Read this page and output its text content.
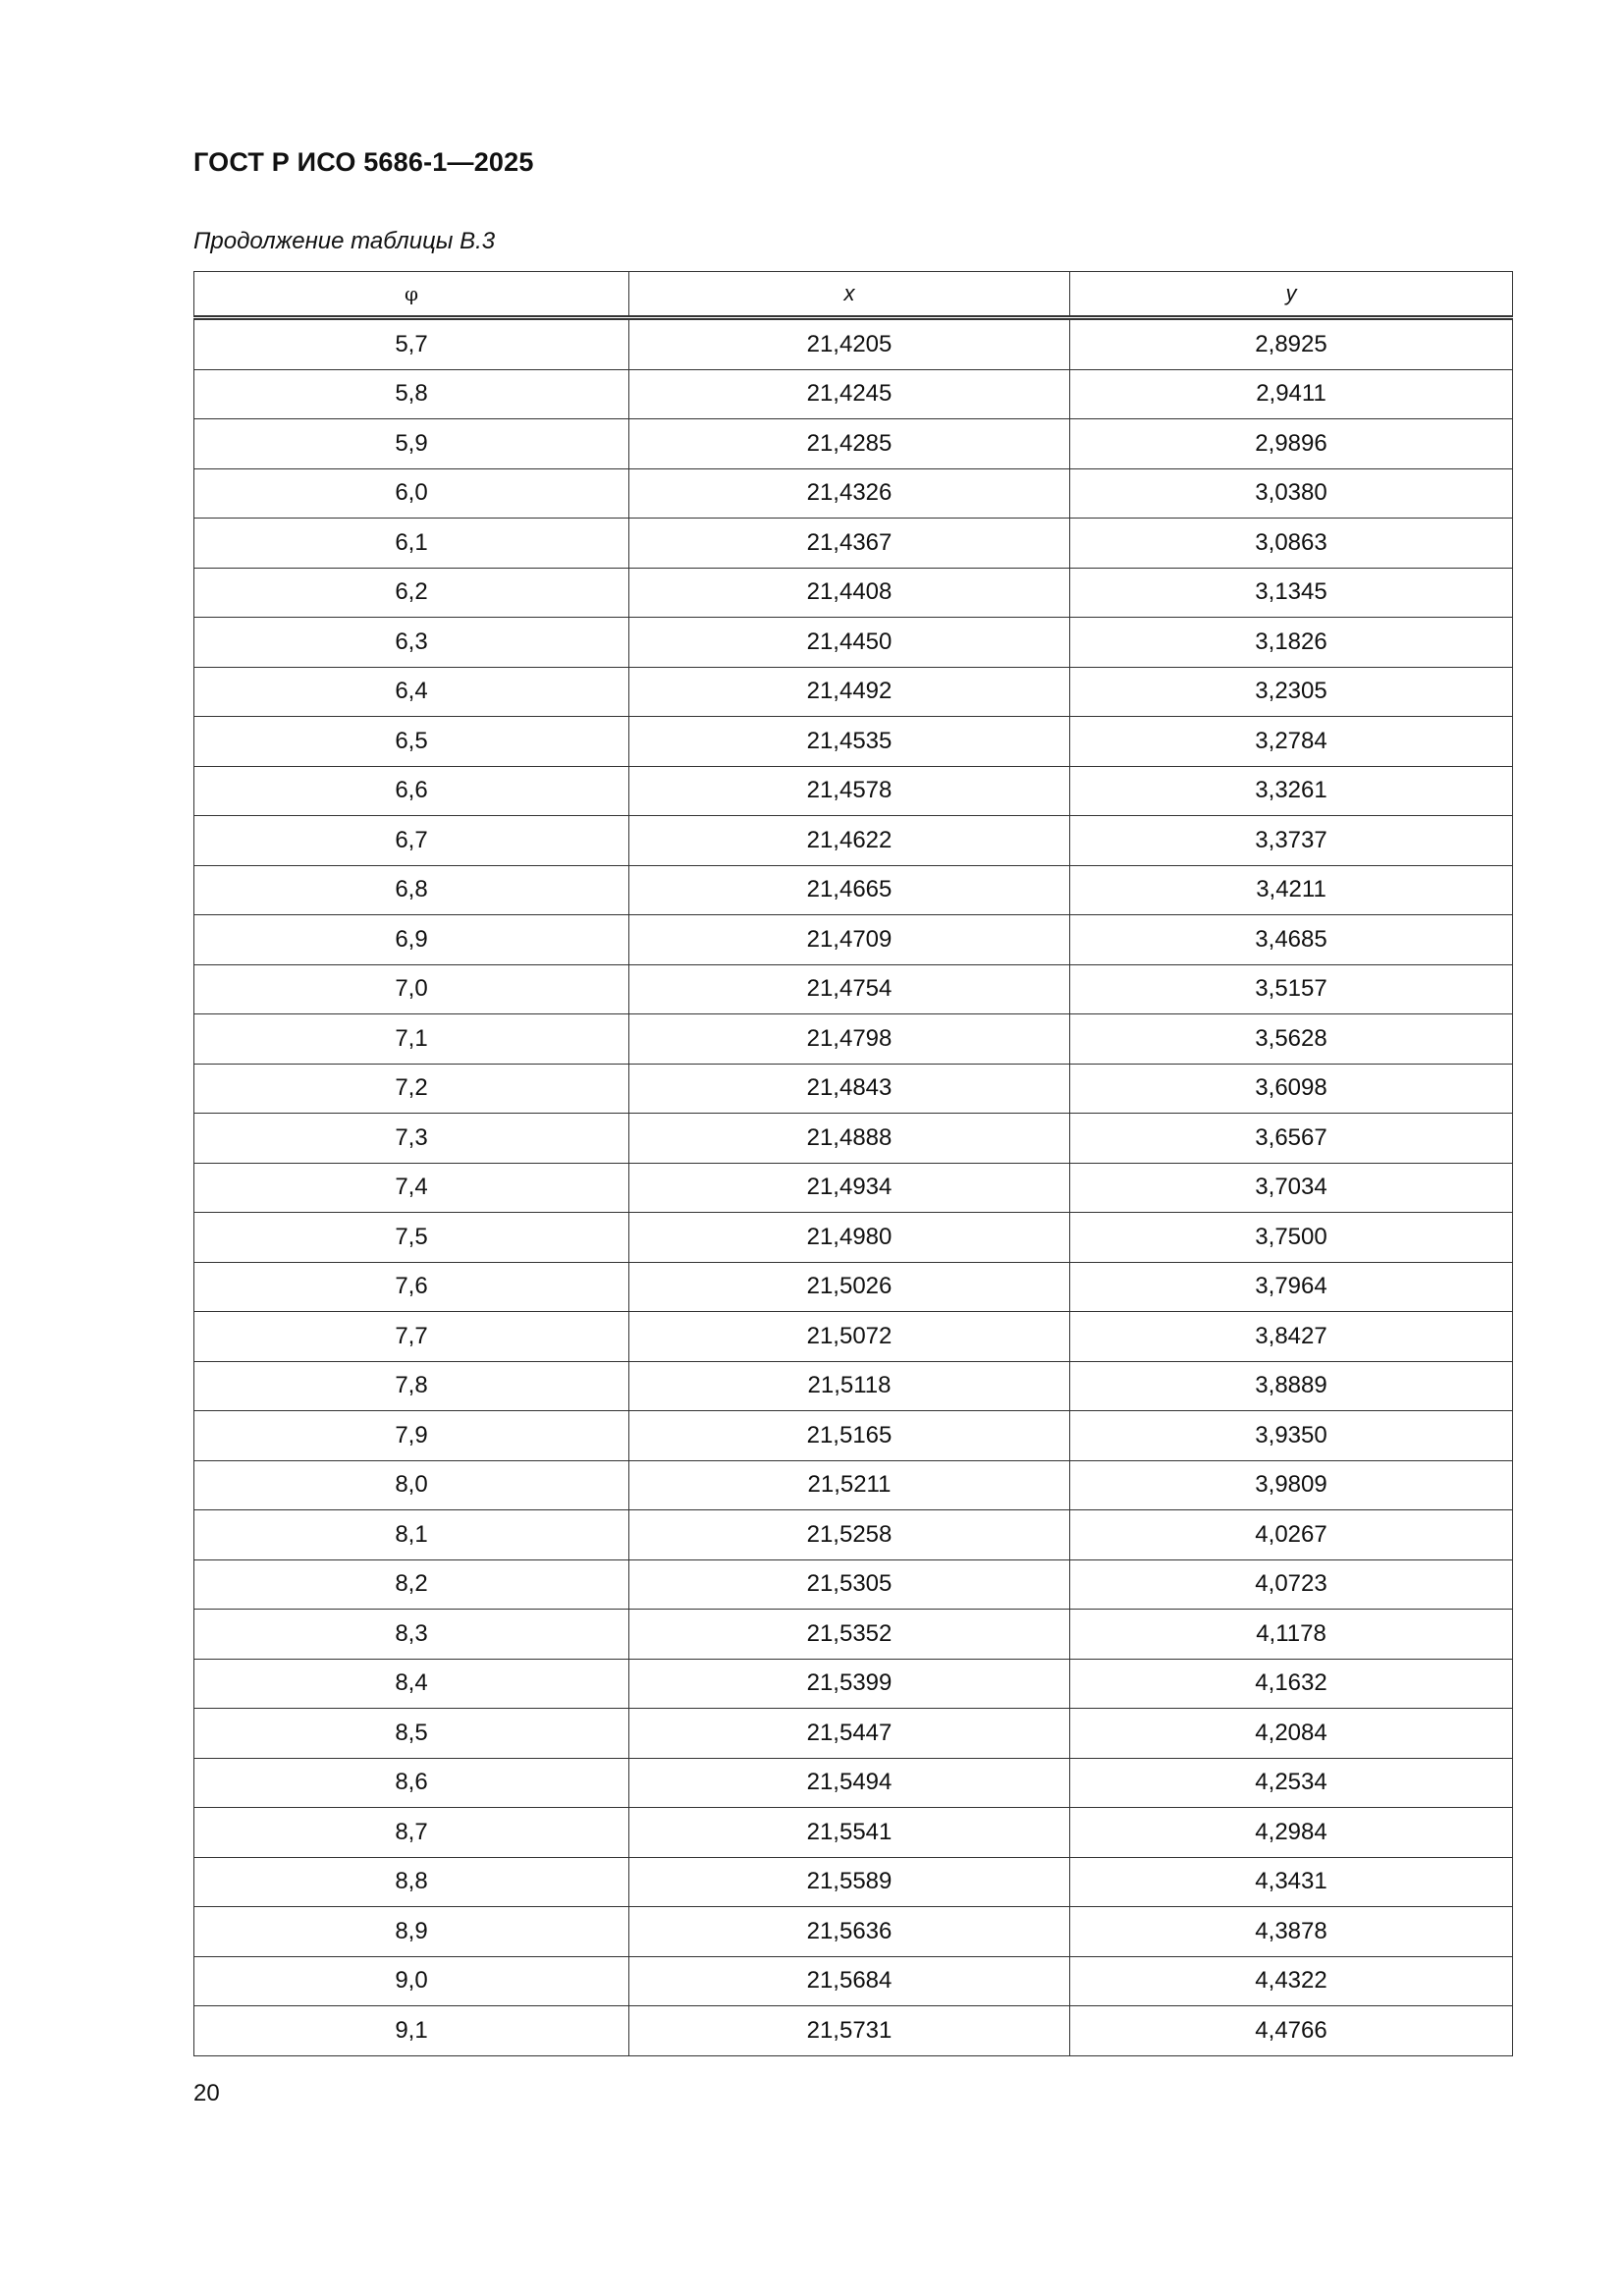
ГОСТ Р ИСО 5686-1—2025
Продолжение таблицы В.3
φ	x	y
5,7	21,4205	2,8925
5,8	21,4245	2,9411
5,9	21,4285	2,9896
6,0	21,4326	3,0380
6,1	21,4367	3,0863
6,2	21,4408	3,1345
6,3	21,4450	3,1826
6,4	21,4492	3,2305
6,5	21,4535	3,2784
6,6	21,4578	3,3261
6,7	21,4622	3,3737
6,8	21,4665	3,4211
6,9	21,4709	3,4685
7,0	21,4754	3,5157
7,1	21,4798	3,5628
7,2	21,4843	3,6098
7,3	21,4888	3,6567
7,4	21,4934	3,7034
7,5	21,4980	3,7500
7,6	21,5026	3,7964
7,7	21,5072	3,8427
7,8	21,5118	3,8889
7,9	21,5165	3,9350
8,0	21,5211	3,9809
8,1	21,5258	4,0267
8,2	21,5305	4,0723
8,3	21,5352	4,1178
8,4	21,5399	4,1632
8,5	21,5447	4,2084
8,6	21,5494	4,2534
8,7	21,5541	4,2984
8,8	21,5589	4,3431
8,9	21,5636	4,3878
9,0	21,5684	4,4322
9,1	21,5731	4,4766
20
